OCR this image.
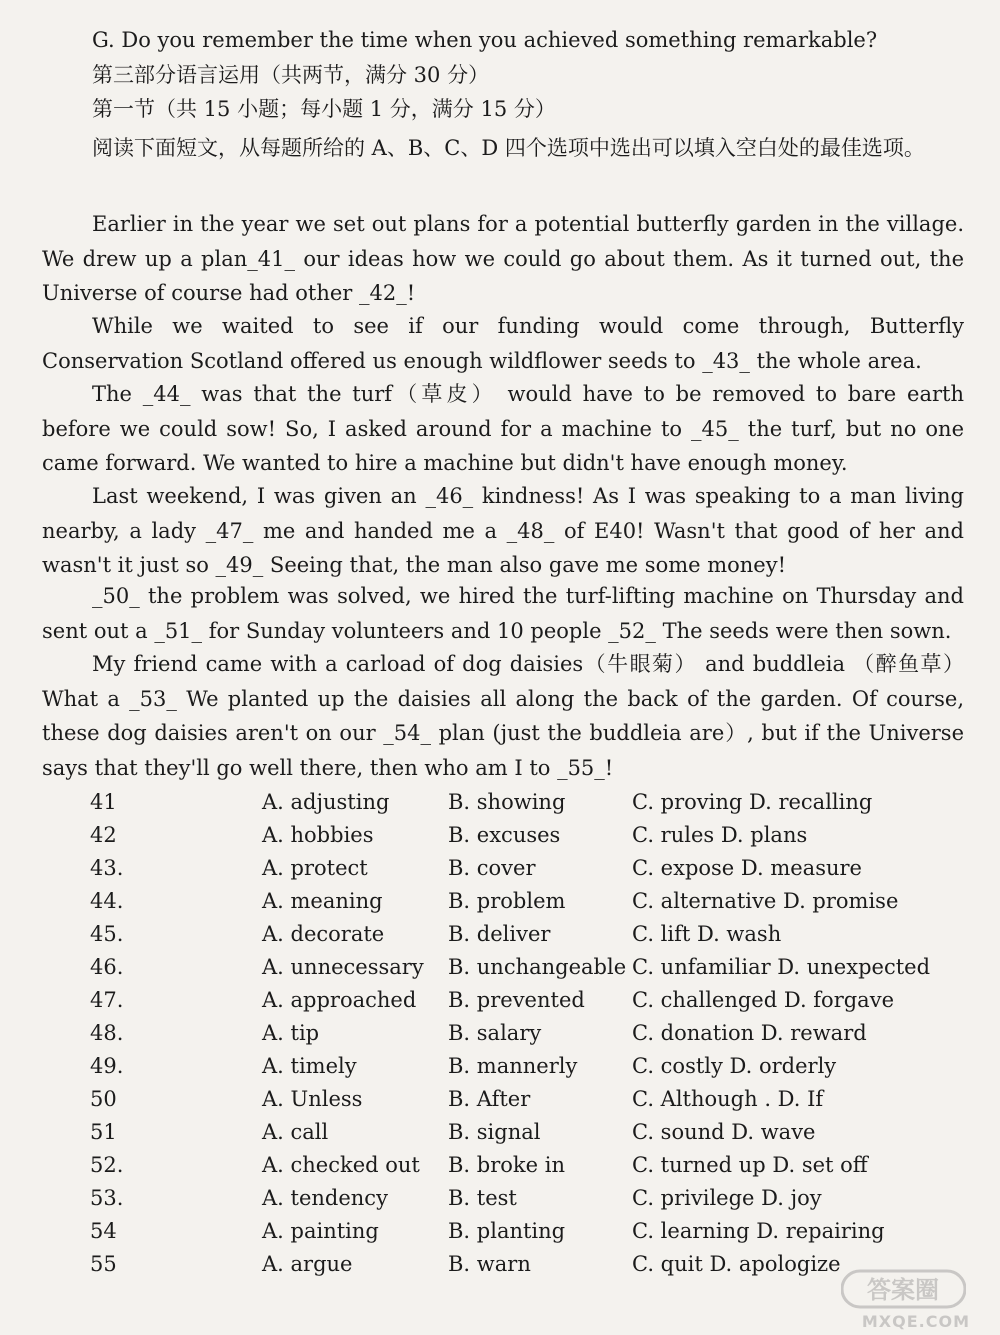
G. Do you remember the time when you achieved something remarkable?
第三部分语言运用（共两节，满分 30 分）
第一节（共 15 小题；每小题 1 分，满分 15 分）
阅读下面短文，从每题所给的 A、B、C、D 四个选项中选出可以填入空白处的最佳选项。
Earlier in the year we set out plans for a potential butterfly garden in the village. We drew up a plan_41_ our ideas how we could go about them. As it turned out, the Universe of course had other _42_!
While we waited to see if our funding would come through, Butterfly Conservation Scotland offered us enough wildflower seeds to _43_ the whole area.
The _44_ was that the turf（草皮） would have to be removed to bare earth before we could sow! So, I asked around for a machine to _45_ the turf, but no one came forward. We wanted to hire a machine but didn't have enough money.
Last weekend, I was given an _46_ kindness! As I was speaking to a man living nearby, a lady _47_ me and handed me a _48_ of E40! Wasn't that good of her and wasn't it just so _49_ Seeing that, the man also gave me some money!
_50_ the problem was solved, we hired the turf-lifting machine on Thursday and sent out a _51_ for Sunday volunteers and 10 people _52_ The seeds were then sown.
My friend came with a carload of dog daisies（牛眼菊） and buddleia （醉鱼草） What a _53_ We planted up the daisies all along the back of the garden. Of course, these dog daisies aren't on our _54_ plan (just the buddleia are）, but if the Universe says that they'll go well there, then who am I to _55_!
41	A. adjusting	B. showing	C. proving D. recalling
42	A. hobbies	B. excuses	C. rules D. plans
43.	A. protect	B. cover	C. expose D. measure
44.	A. meaning	B. problem	C. alternative D. promise
45.	A. decorate	B. deliver	C. lift D. wash
46.	A. unnecessary B. unchangeable C. unfamiliar D. unexpected
47.	A. approached B. prevented C. challenged D. forgave
48.	A. tip	B. salary	C. donation D. reward
49.	A. timely	B. mannerly	C. costly D. orderly
50	A. Unless	B. After	C. Although . D. If
51	A. call	B. signal	C. sound D. wave
52.	A. checked out B. broke in	C. turned up D. set off
53.	A. tendency	B. test	C. privilege D. joy
54	A. painting	B. planting	C. learning D. repairing
55	A. argue	B. warn	C. quit D. apologize
答案圈
MXQE.COM
